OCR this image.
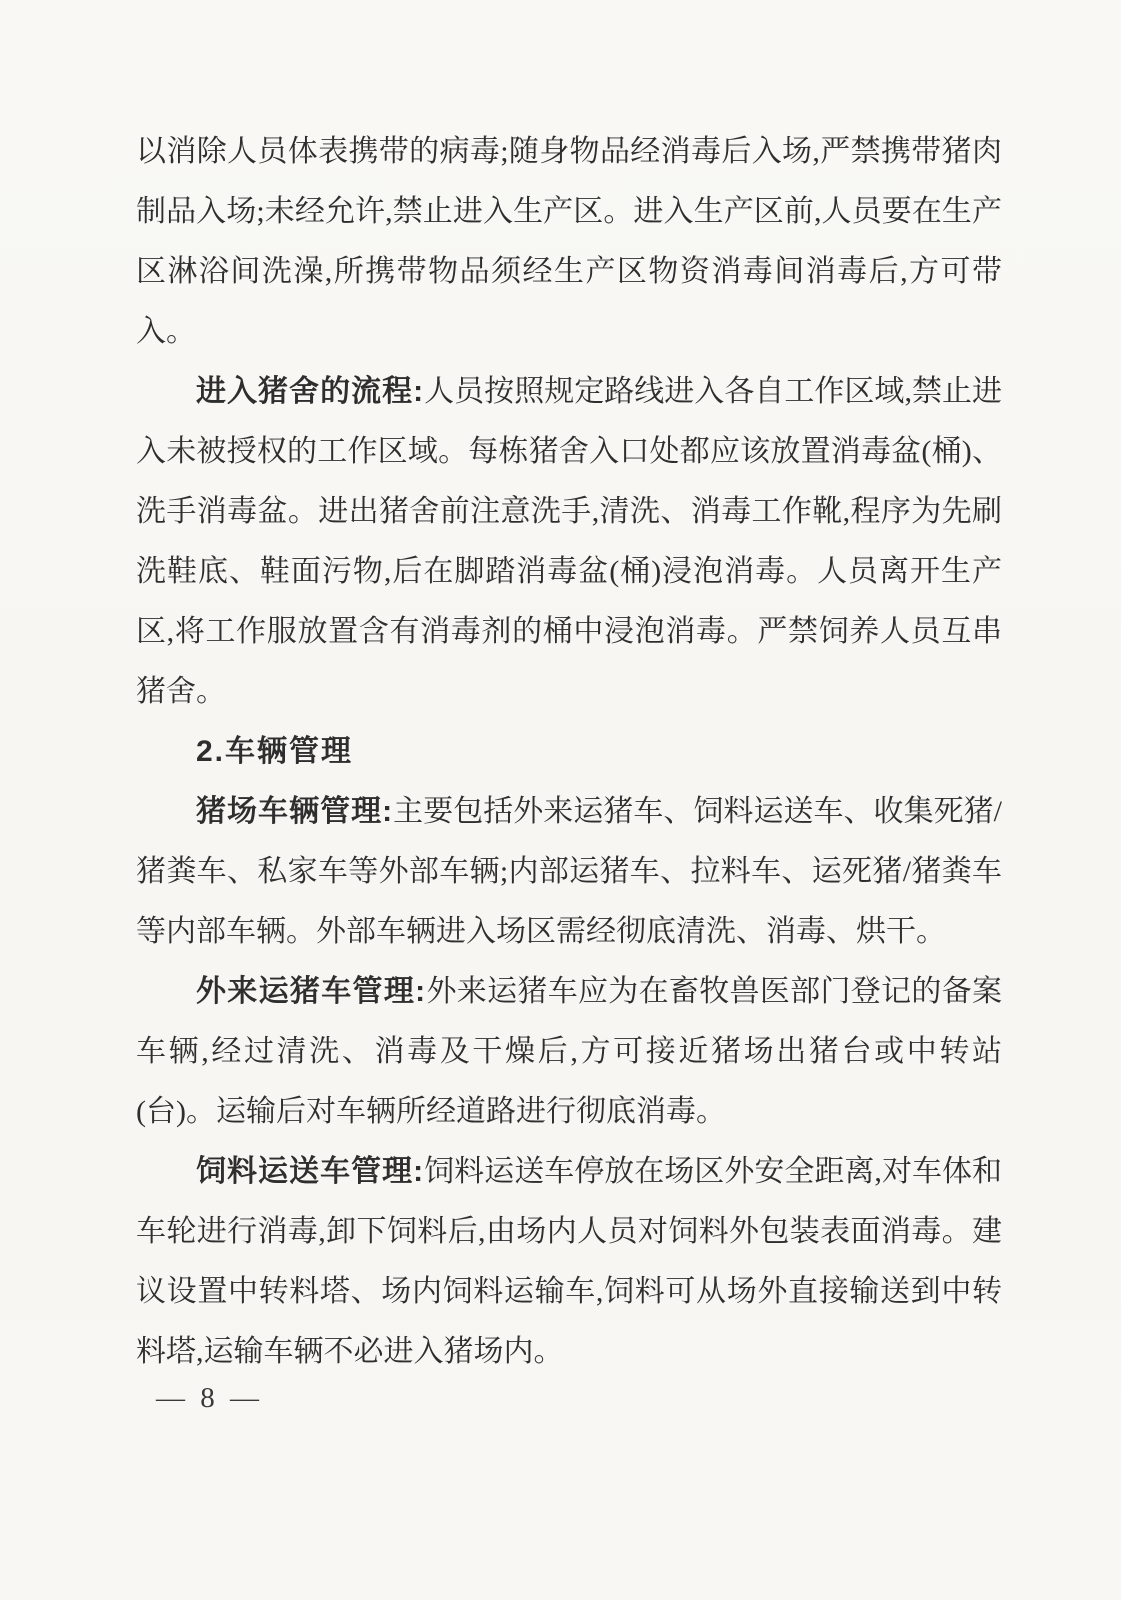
以消除人员体表携带的病毒;随身物品经消毒后入场,严禁携带猪肉制品入场;未经允许,禁止进入生产区。进入生产区前,人员要在生产区淋浴间洗澡,所携带物品须经生产区物资消毒间消毒后,方可带入。

进入猪舍的流程:人员按照规定路线进入各自工作区域,禁止进入未被授权的工作区域。每栋猪舍入口处都应该放置消毒盆(桶)、洗手消毒盆。进出猪舍前注意洗手,清洗、消毒工作靴,程序为先刷洗鞋底、鞋面污物,后在脚踏消毒盆(桶)浸泡消毒。人员离开生产区,将工作服放置含有消毒剂的桶中浸泡消毒。严禁饲养人员互串猪舍。

2.车辆管理

猪场车辆管理:主要包括外来运猪车、饲料运送车、收集死猪/猪粪车、私家车等外部车辆;内部运猪车、拉料车、运死猪/猪粪车等内部车辆。外部车辆进入场区需经彻底清洗、消毒、烘干。

外来运猪车管理:外来运猪车应为在畜牧兽医部门登记的备案车辆,经过清洗、消毒及干燥后,方可接近猪场出猪台或中转站(台)。运输后对车辆所经道路进行彻底消毒。

饲料运送车管理:饲料运送车停放在场区外安全距离,对车体和车轮进行消毒,卸下饲料后,由场内人员对饲料外包装表面消毒。建议设置中转料塔、场内饲料运输车,饲料可从场外直接输送到中转料塔,运输车辆不必进入猪场内。

— 8 —
